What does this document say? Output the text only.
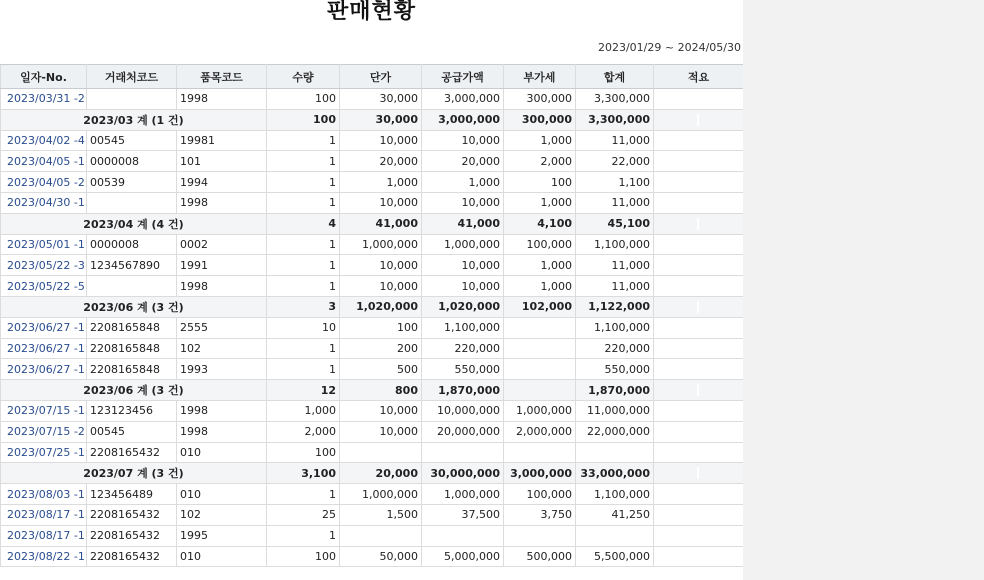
판매현황
2023/01/29 ~ 2024/05/30
일자-No.	거래처코드	품목코드	수량	단가	공급가액	부가세	합계	적요
2023/03/31 -2		1998	100	30,000	3,000,000	300,000	3,300,000	
2023/03 계 (1 건)			100	30,000	3,000,000	300,000	3,300,000	
2023/04/02 -4	00545	19981	1	10,000	10,000	1,000	11,000	
2023/04/05 -1	0000008	101	1	20,000	20,000	2,000	22,000	
2023/04/05 -2	00539	1994	1	1,000	1,000	100	1,100	
2023/04/30 -1		1998	1	10,000	10,000	1,000	11,000	
2023/04 계 (4 건)			4	41,000	41,000	4,100	45,100	
2023/05/01 -1	0000008	0002	1	1,000,000	1,000,000	100,000	1,100,000	
2023/05/22 -3	1234567890	1991	1	10,000	10,000	1,000	11,000	
2023/05/22 -5		1998	1	10,000	10,000	1,000	11,000	
2023/06 계 (3 건)			3	1,020,000	1,020,000	102,000	1,122,000	
2023/06/27 -1	2208165848	2555	10	100	1,100,000		1,100,000	
2023/06/27 -1	2208165848	102	1	200	220,000		220,000	
2023/06/27 -1	2208165848	1993	1	500	550,000		550,000	
2023/06 계 (3 건)			12	800	1,870,000		1,870,000	
2023/07/15 -1	123123456	1998	1,000	10,000	10,000,000	1,000,000	11,000,000	
2023/07/15 -2	00545	1998	2,000	10,000	20,000,000	2,000,000	22,000,000	
2023/07/25 -1	2208165432	010	100					
2023/07 계 (3 건)			3,100	20,000	30,000,000	3,000,000	33,000,000	
2023/08/03 -1	123456489	010	1	1,000,000	1,000,000	100,000	1,100,000	
2023/08/17 -1	2208165432	102	25	1,500	37,500	3,750	41,250	
2023/08/17 -1	2208165432	1995	1					
2023/08/22 -1	2208165432	010	100	50,000	5,000,000	500,000	5,500,000	
